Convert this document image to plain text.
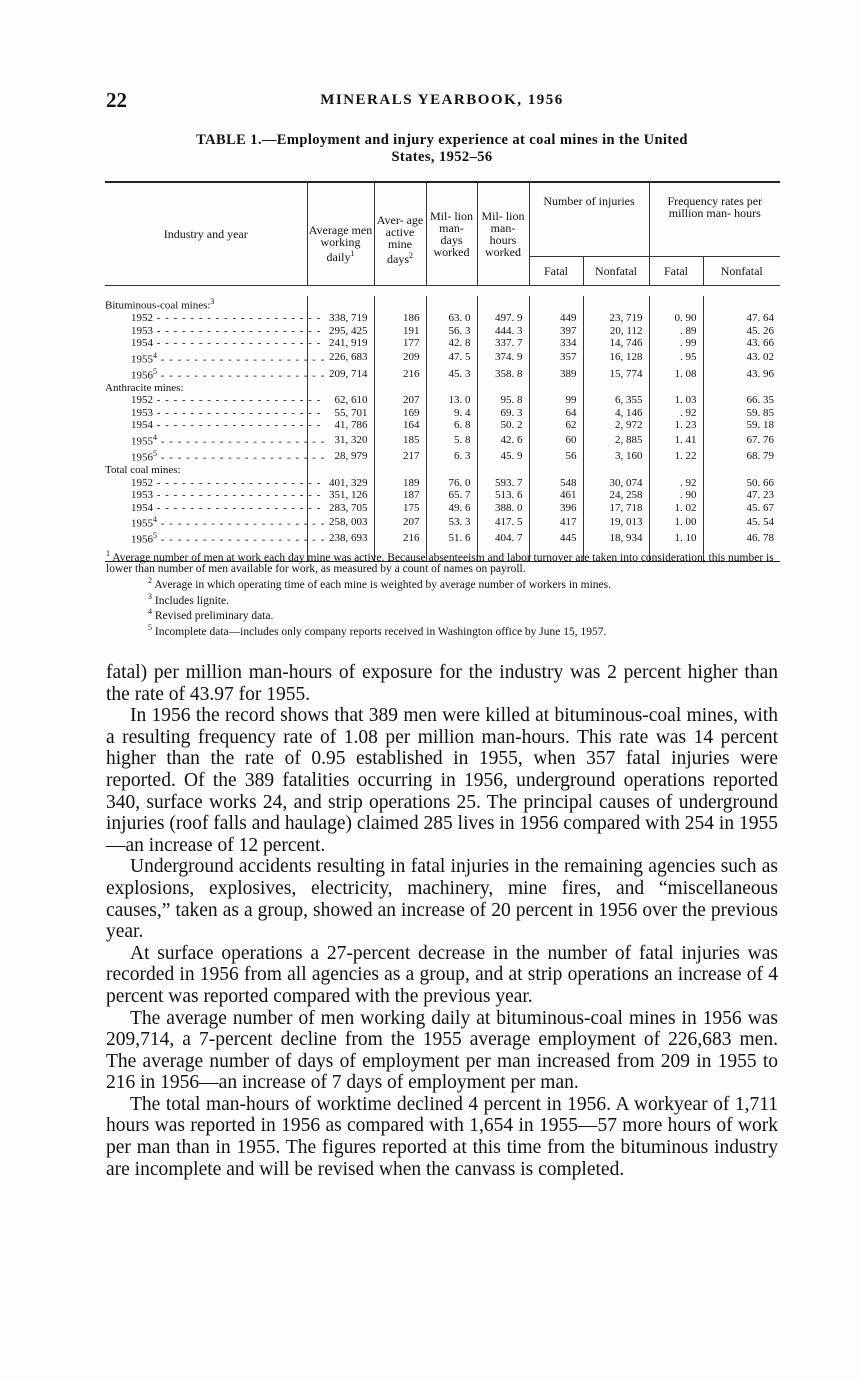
22	MINERALS YEARBOOK, 1956
TABLE 1.—Employment and injury experience at coal mines in the United
States, 1952–56
Industry and year	Average men working daily$^1$	Aver- age active mine days$^2$	Mil- lion man- days worked	Mil- lion man- hours worked	Number of injuries		Frequency rates per million man- hours	
					Fatal	Nonfatal	Fatal	Nonfatal

Bituminous-coal mines:$^3$								
1952 - - - - - - - - - - - - - - - - - - - -	338, 719	186	63. 0	497. 9	449	23, 719	0. 90	47. 64
1953 - - - - - - - - - - - - - - - - - - - -	295, 425	191	56. 3	444. 3	397	20, 112	. 89	45. 26
1954 - - - - - - - - - - - - - - - - - - - -	241, 919	177	42. 8	337. 7	334	14, 746	. 99	43. 66
1955$^4$ - - - - - - - - - - - - - - - - - - - -	226, 683	209	47. 5	374. 9	357	16, 128	. 95	43. 02
1956$^5$ - - - - - - - - - - - - - - - - - - - -	209, 714	216	45. 3	358. 8	389	15, 774	1. 08	43. 96
Anthracite mines:								
1952 - - - - - - - - - - - - - - - - - - - -	62, 610	207	13. 0	95. 8	99	6, 355	1. 03	66. 35
1953 - - - - - - - - - - - - - - - - - - - -	55, 701	169	9. 4	69. 3	64	4, 146	. 92	59. 85
1954 - - - - - - - - - - - - - - - - - - - -	41, 786	164	6. 8	50. 2	62	2, 972	1. 23	59. 18
1955$^4$ - - - - - - - - - - - - - - - - - - - -	31, 320	185	5. 8	42. 6	60	2, 885	1. 41	67. 76
1956$^5$ - - - - - - - - - - - - - - - - - - - -	28, 979	217	6. 3	45. 9	56	3, 160	1. 22	68. 79
Total coal mines:								
1952 - - - - - - - - - - - - - - - - - - - -	401, 329	189	76. 0	593. 7	548	30, 074	. 92	50. 66
1953 - - - - - - - - - - - - - - - - - - - -	351, 126	187	65. 7	513. 6	461	24, 258	. 90	47. 23
1954 - - - - - - - - - - - - - - - - - - - -	283, 705	175	49. 6	388. 0	396	17, 718	1. 02	45. 67
1955$^4$ - - - - - - - - - - - - - - - - - - - -	258, 003	207	53. 3	417. 5	417	19, 013	1. 00	45. 54
1956$^5$ - - - - - - - - - - - - - - - - - - - -	238, 693	216	51. 6	404. 7	445	18, 934	1. 10	46. 78

$^1$ Average number of men at work each day mine was active. Because absenteeism and labor turnover are taken into consideration, this number is lower than number of men available for work, as measured by a count of names on payroll.

$^2$ Average in which operating time of each mine is weighted by average number of workers in mines.

$^3$ Includes lignite.

$^4$ Revised preliminary data.

$^5$ Incomplete data—includes only company reports received in Washington office by June 15, 1957.

fatal) per million man-hours of exposure for the industry was 2 percent higher than the rate of 43.97 for 1955.

In 1956 the record shows that 389 men were killed at bituminous-coal mines, with a resulting frequency rate of 1.08 per million man-hours. This rate was 14 percent higher than the rate of 0.95 established in 1955, when 357 fatal injuries were reported. Of the 389 fatalities occurring in 1956, underground operations reported 340, surface works 24, and strip operations 25. The principal causes of underground injuries (roof falls and haulage) claimed 285 lives in 1956 compared with 254 in 1955—an increase of 12 percent.

Underground accidents resulting in fatal injuries in the remaining agencies such as explosions, explosives, electricity, machinery, mine fires, and “miscellaneous causes,” taken as a group, showed an increase of 20 percent in 1956 over the previous year.

At surface operations a 27-percent decrease in the number of fatal injuries was recorded in 1956 from all agencies as a group, and at strip operations an increase of 4 percent was reported compared with the previous year.

The average number of men working daily at bituminous-coal mines in 1956 was 209,714, a 7-percent decline from the 1955 average employment of 226,683 men. The average number of days of employment per man increased from 209 in 1955 to 216 in 1956—an increase of 7 days of employment per man.

The total man-hours of worktime declined 4 percent in 1956. A workyear of 1,711 hours was reported in 1956 as compared with 1,654 in 1955—57 more hours of work per man than in 1955. The figures reported at this time from the bituminous industry are incomplete and will be revised when the canvass is completed.
